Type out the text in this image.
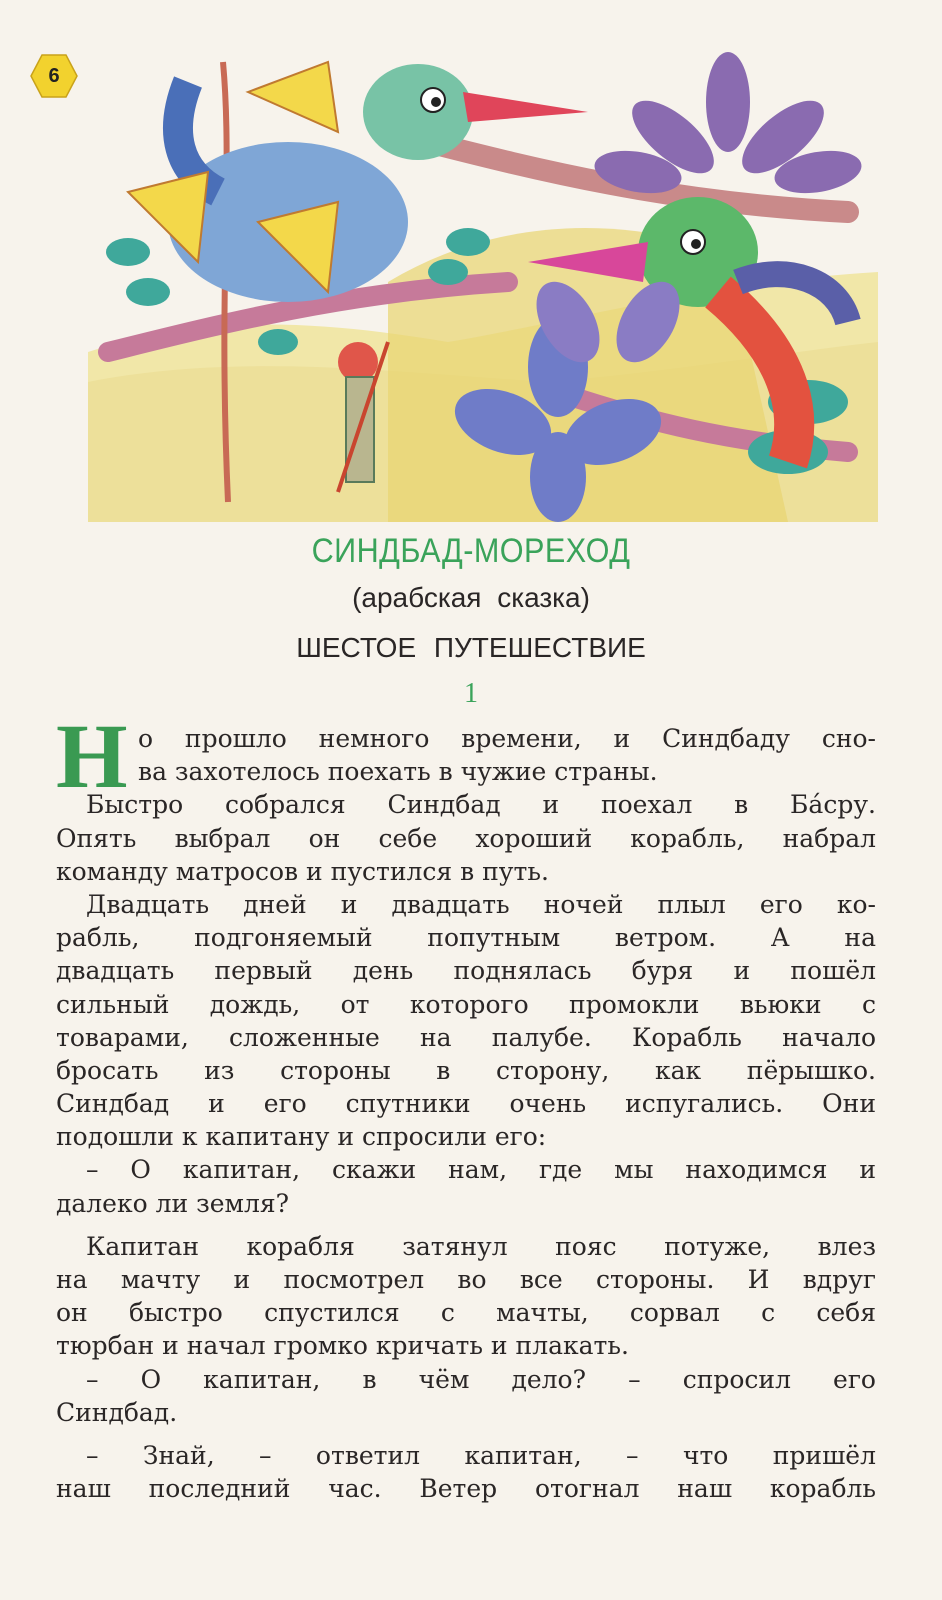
6
СИНДБАД-МОРЕХОД
(арабская сказка)
ШЕСТОЕ ПУТЕШЕСТВИЕ
1
Н о прошло немного времени, и Синдбаду сно-
ва захотелось поехать в чужие страны.
Быстро собрался Синдбад и поехал в Ба́сру.
Опять выбрал он себе хороший корабль, набрал
команду матросов и пустился в путь.
Двадцать дней и двадцать ночей плыл его ко-
рабль, подгоняемый попутным ветром. А на
двадцать первый день поднялась буря и пошёл
сильный дождь, от которого промокли вьюки с
товарами, сложенные на палубе. Корабль начало
бросать из стороны в сторону, как пёрышко.
Синдбад и его спутники очень испугались. Они
подошли к капитану и спросили его:
– О капитан, скажи нам, где мы находимся и
далеко ли земля?
Капитан корабля затянул пояс потуже, влез
на мачту и посмотрел во все стороны. И вдруг
он быстро спустился с мачты, сорвал с себя
тюрбан и начал громко кричать и плакать.
– О капитан, в чём дело? – спросил его
Синдбад.
– Знай, – ответил капитан, – что пришёл
наш последний час. Ветер отогнал наш корабль
